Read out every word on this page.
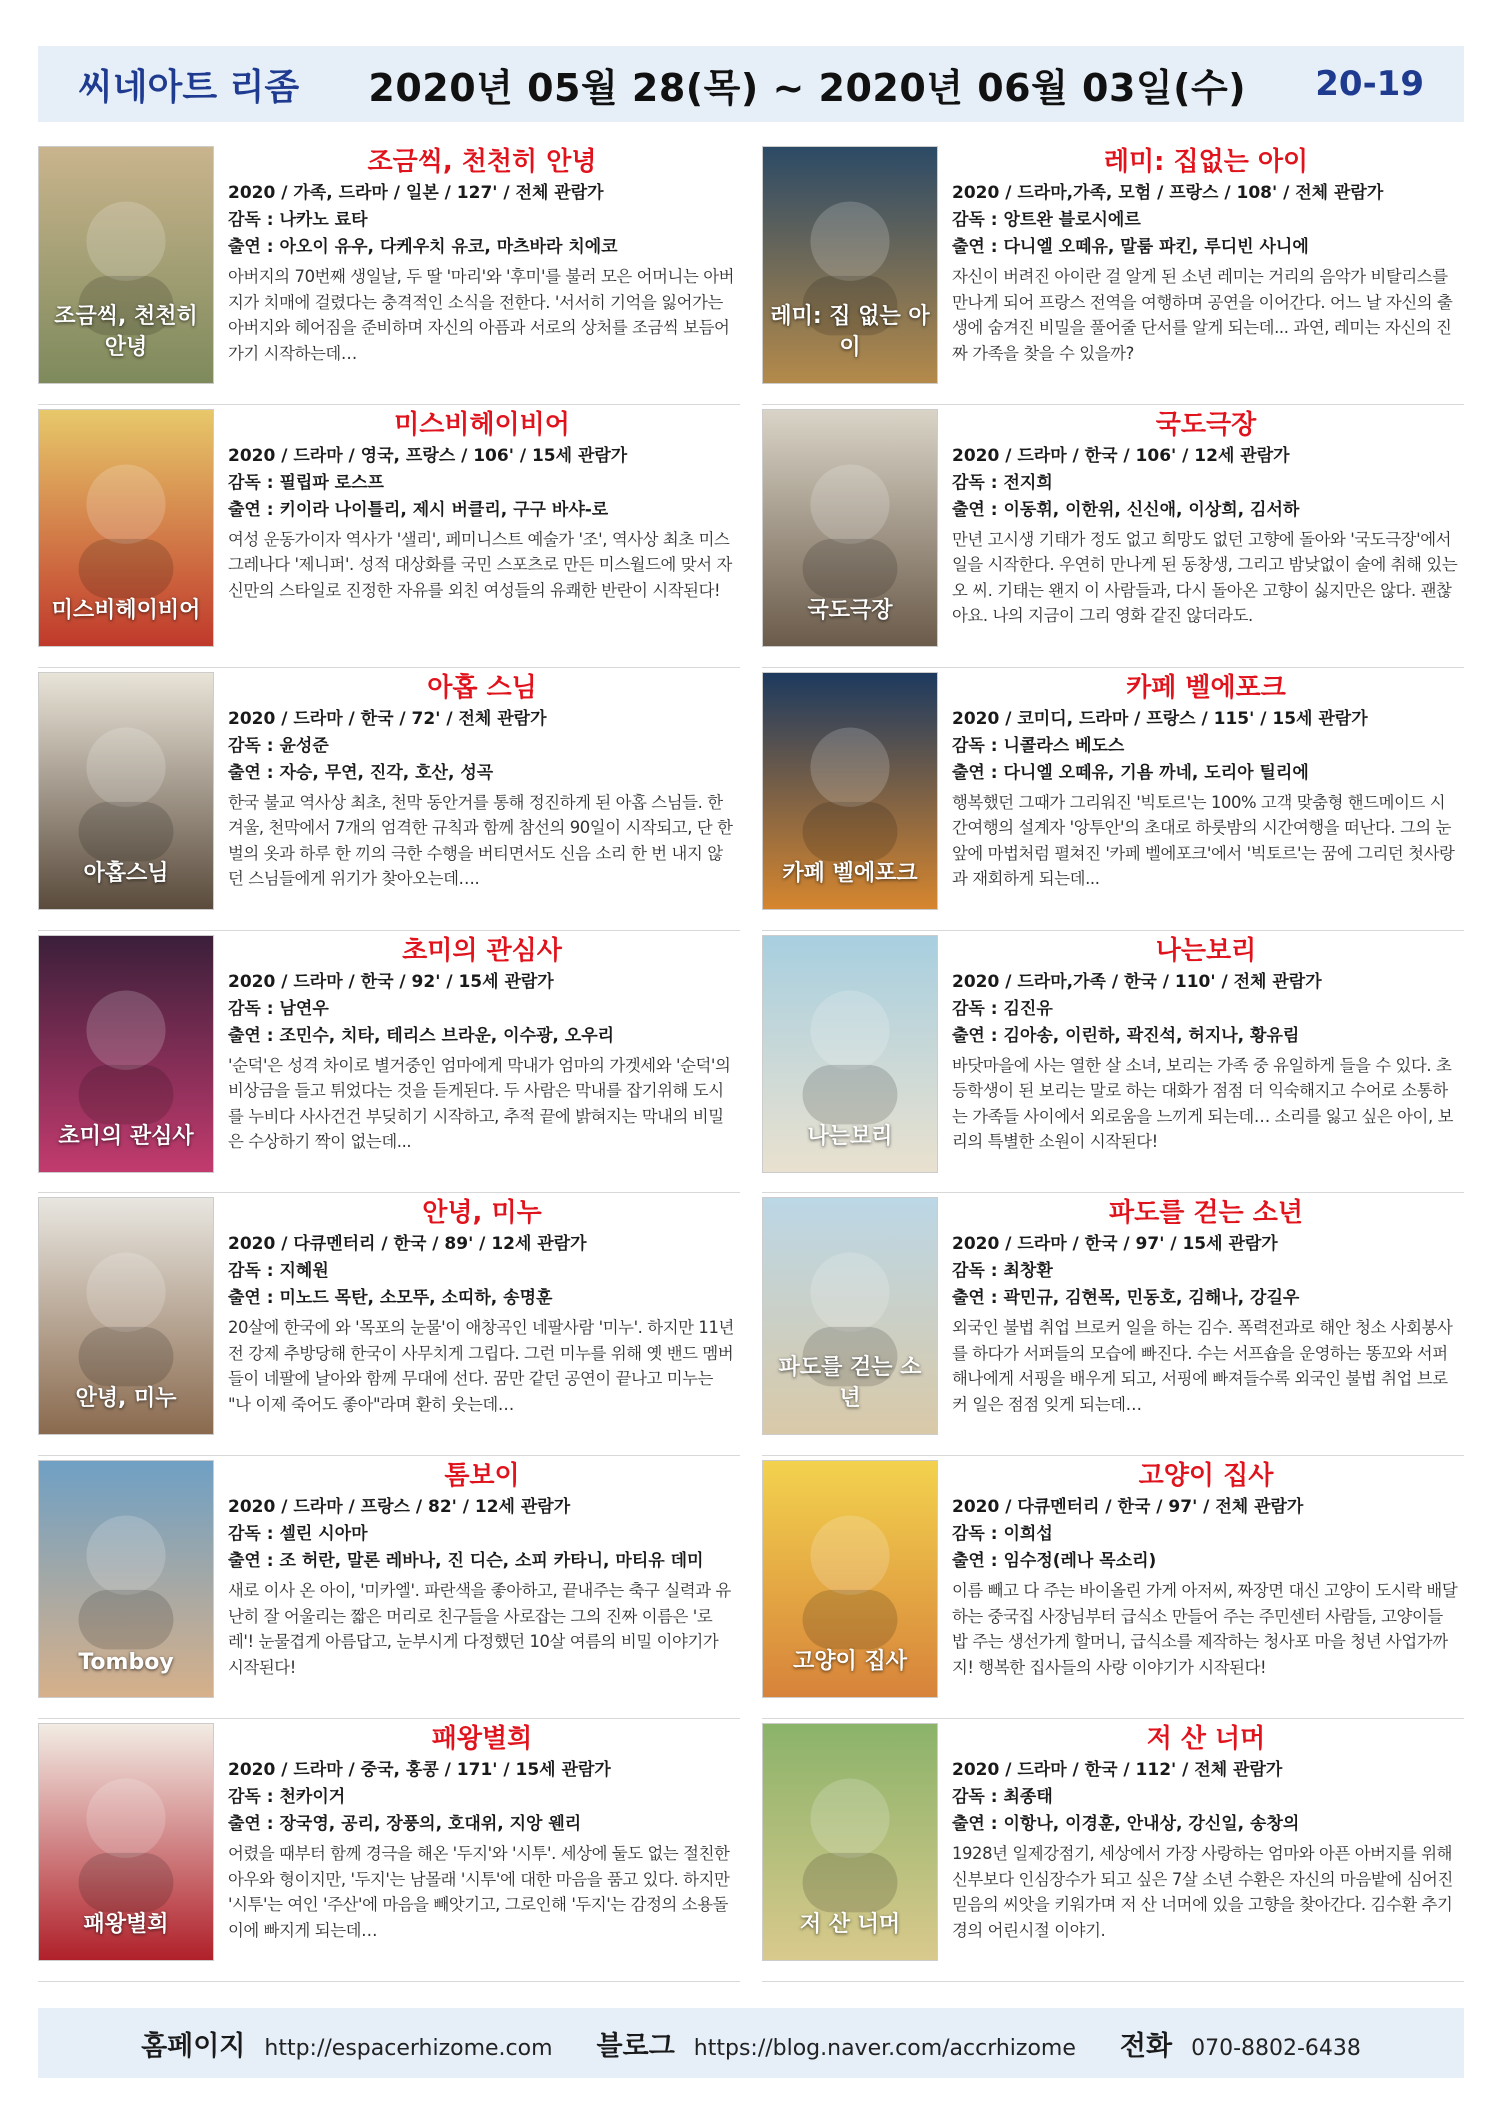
씨네아트 리좀 2020년 05월 28(목) ~ 2020년 06월 03일(수) 20-19
조금씩, 천천히 안녕
조금씩, 천천히 안녕
2020 / 가족, 드라마 / 일본 / 127' / 전체 관람가
감독 : 나카노 료타
출연 : 아오이 유우, 다케우치 유코, 마츠바라 치에코
아버지의 70번째 생일날, 두 딸 '마리'와 '후미'를 불러 모은 어머니는 아버지가 치매에 걸렸다는 충격적인 소식을 전한다. '서서히 기억을 잃어가는 아버지와 헤어짐을 준비하며 자신의 아픔과 서로의 상처를 조금씩 보듬어가기 시작하는데…
레미: 집 없는 아이
레미: 집없는 아이
2020 / 드라마,가족, 모험 / 프랑스 / 108' / 전체 관람가
감독 : 앙트완 블로시에르
출연 : 다니엘 오떼유, 말룸 파킨, 루디빈 사니에
자신이 버려진 아이란 걸 알게 된 소년 레미는 거리의 음악가 비탈리스를 만나게 되어 프랑스 전역을 여행하며 공연을 이어간다. 어느 날 자신의 출생에 숨겨진 비밀을 풀어줄 단서를 알게 되는데... 과연, 레미는 자신의 진짜 가족을 찾을 수 있을까?
미스비헤이비어
미스비헤이비어
2020 / 드라마 / 영국, 프랑스 / 106' / 15세 관람가
감독 : 필립파 로스프
출연 : 키이라 나이틀리, 제시 버클리, 구구 바샤-로
여성 운동가이자 역사가 '샐리', 페미니스트 예술가 '조', 역사상 최초 미스 그레나다 '제니퍼'. 성적 대상화를 국민 스포츠로 만든 미스월드에 맞서 자신만의 스타일로 진정한 자유를 외친 여성들의 유쾌한 반란이 시작된다!
국도극장
국도극장
2020 / 드라마 / 한국 / 106' / 12세 관람가
감독 : 전지희
출연 : 이동휘, 이한위, 신신애, 이상희, 김서하
만년 고시생 기태가 정도 없고 희망도 없던 고향에 돌아와 '국도극장'에서 일을 시작한다. 우연히 만나게 된 동창생, 그리고 밤낮없이 술에 취해 있는 오 씨. 기태는 왠지 이 사람들과, 다시 돌아온 고향이 싫지만은 않다. 괜찮아요. 나의 지금이 그리 영화 같진 않더라도.
아홉스님
아홉 스님
2020 / 드라마 / 한국 / 72' / 전체 관람가
감독 : 윤성준
출연 : 자승, 무연, 진각, 호산, 성곡
한국 불교 역사상 최초, 천막 동안거를 통해 정진하게 된 아홉 스님들. 한겨울, 천막에서 7개의 엄격한 규칙과 함께 참선의 90일이 시작되고, 단 한 벌의 옷과 하루 한 끼의 극한 수행을 버티면서도 신음 소리 한 번 내지 않던 스님들에게 위기가 찾아오는데….	카페 벨에포크
카페 벨에포크
2020 / 코미디, 드라마 / 프랑스 / 115' / 15세 관람가
감독 : 니콜라스 베도스
출연 : 다니엘 오떼유, 기욤 까네, 도리아 틸리에
행복했던 그때가 그리워진 '빅토르'는 100% 고객 맞춤형 핸드메이드 시간여행의 설계자 '앙투안'의 초대로 하룻밤의 시간여행을 떠난다. 그의 눈 앞에 마법처럼 펼쳐진 '카페 벨에포크'에서 '빅토르'는 꿈에 그리던 첫사랑과 재회하게 되는데...
초미의 관심사
초미의 관심사
2020 / 드라마 / 한국 / 92' / 15세 관람가
감독 : 남연우
출연 : 조민수, 치타, 테리스 브라운, 이수광, 오우리
'순덕'은 성격 차이로 별거중인 엄마에게 막내가 엄마의 가겟세와 '순덕'의 비상금을 들고 튀었다는 것을 듣게된다. 두 사람은 막내를 잡기위해 도시를 누비다 사사건건 부딪히기 시작하고, 추적 끝에 밝혀지는 막내의 비밀은 수상하기 짝이 없는데...	나는보리
나는보리
2020 / 드라마,가족 / 한국 / 110' / 전체 관람가
감독 : 김진유
출연 : 김아송, 이린하, 곽진석, 허지나, 황유림
바닷마을에 사는 열한 살 소녀, 보리는 가족 중 유일하게 들을 수 있다. 초등학생이 된 보리는 말로 하는 대화가 점점 더 익숙해지고 수어로 소통하는 가족들 사이에서 외로움을 느끼게 되는데… 소리를 잃고 싶은 아이, 보리의 특별한 소원이 시작된다!
안녕, 미누
안녕, 미누
2020 / 다큐멘터리 / 한국 / 89' / 12세 관람가
감독 : 지혜원
출연 : 미노드 목탄, 소모뚜, 소띠하, 송명훈
20살에 한국에 와 '목포의 눈물'이 애창곡인 네팔사람 '미누'. 하지만 11년 전 강제 추방당해 한국이 사무치게 그립다. 그런 미누를 위해 옛 밴드 멤버들이 네팔에 날아와 함께 무대에 선다. 꿈만 같던 공연이 끝나고 미누는 "나 이제 죽어도 좋아"라며 환히 웃는데…
파도를 걷는 소년
파도를 걷는 소년
2020 / 드라마 / 한국 / 97' / 15세 관람가
감독 : 최창환
출연 : 곽민규, 김현목, 민동호, 김해나, 강길우
외국인 불법 취업 브로커 일을 하는 김수. 폭력전과로 해안 청소 사회봉사를 하다가 서퍼들의 모습에 빠진다. 수는 서프숍을 운영하는 똥꼬와 서퍼 해나에게 서핑을 배우게 되고, 서핑에 빠져들수록 외국인 불법 취업 브로커 일은 점점 잊게 되는데…
Tomboy
톰보이
2020 / 드라마 / 프랑스 / 82' / 12세 관람가
감독 : 셀린 시아마
출연 : 조 허란, 말론 레바나, 진 디슨, 소피 카타니, 마티유 데미
새로 이사 온 아이, '미카엘'. 파란색을 좋아하고, 끝내주는 축구 실력과 유난히 잘 어울리는 짧은 머리로 친구들을 사로잡는 그의 진짜 이름은 '로레'! 눈물겹게 아름답고, 눈부시게 다정했던 10살 여름의 비밀 이야기가 시작된다!	고양이 집사
고양이 집사
2020 / 다큐멘터리 / 한국 / 97' / 전체 관람가
감독 : 이희섭
출연 : 임수정(레나 목소리)
이름 빼고 다 주는 바이올린 가게 아저씨, 짜장면 대신 고양이 도시락 배달하는 중국집 사장님부터 급식소 만들어 주는 주민센터 사람들, 고양이들 밥 주는 생선가게 할머니, 급식소를 제작하는 청사포 마을 청년 사업가까지! 행복한 집사들의 사랑 이야기가 시작된다!
패왕별희
패왕별희
2020 / 드라마 / 중국, 홍콩 / 171' / 15세 관람가
감독 : 천카이거
출연 : 장국영, 공리, 장풍의, 호대위, 지앙 웬리
어렸을 때부터 함께 경극을 해온 '두지'와 '시투'. 세상에 둘도 없는 절친한 아우와 형이지만, '두지'는 남몰래 '시투'에 대한 마음을 품고 있다. 하지만 '시투'는 여인 '주산'에 마음을 빼앗기고, 그로인해 '두지'는 감정의 소용돌이에 빠지게 되는데…	저 산 너머
저 산 너머
2020 / 드라마 / 한국 / 112' / 전체 관람가
감독 : 최종태
출연 : 이항나, 이경훈, 안내상, 강신일, 송창의
1928년 일제강점기, 세상에서 가장 사랑하는 엄마와 아픈 아버지를 위해 신부보다 인심장수가 되고 싶은 7살 소년 수환은 자신의 마음밭에 심어진 믿음의 씨앗을 키워가며 저 산 너머에 있을 고향을 찾아간다. 김수환 추기경의 어린시절 이야기.
홈페이지 http://espacerhizome.com 블로그 https://blog.naver.com/accrhizome 전화 070-8802-6438
